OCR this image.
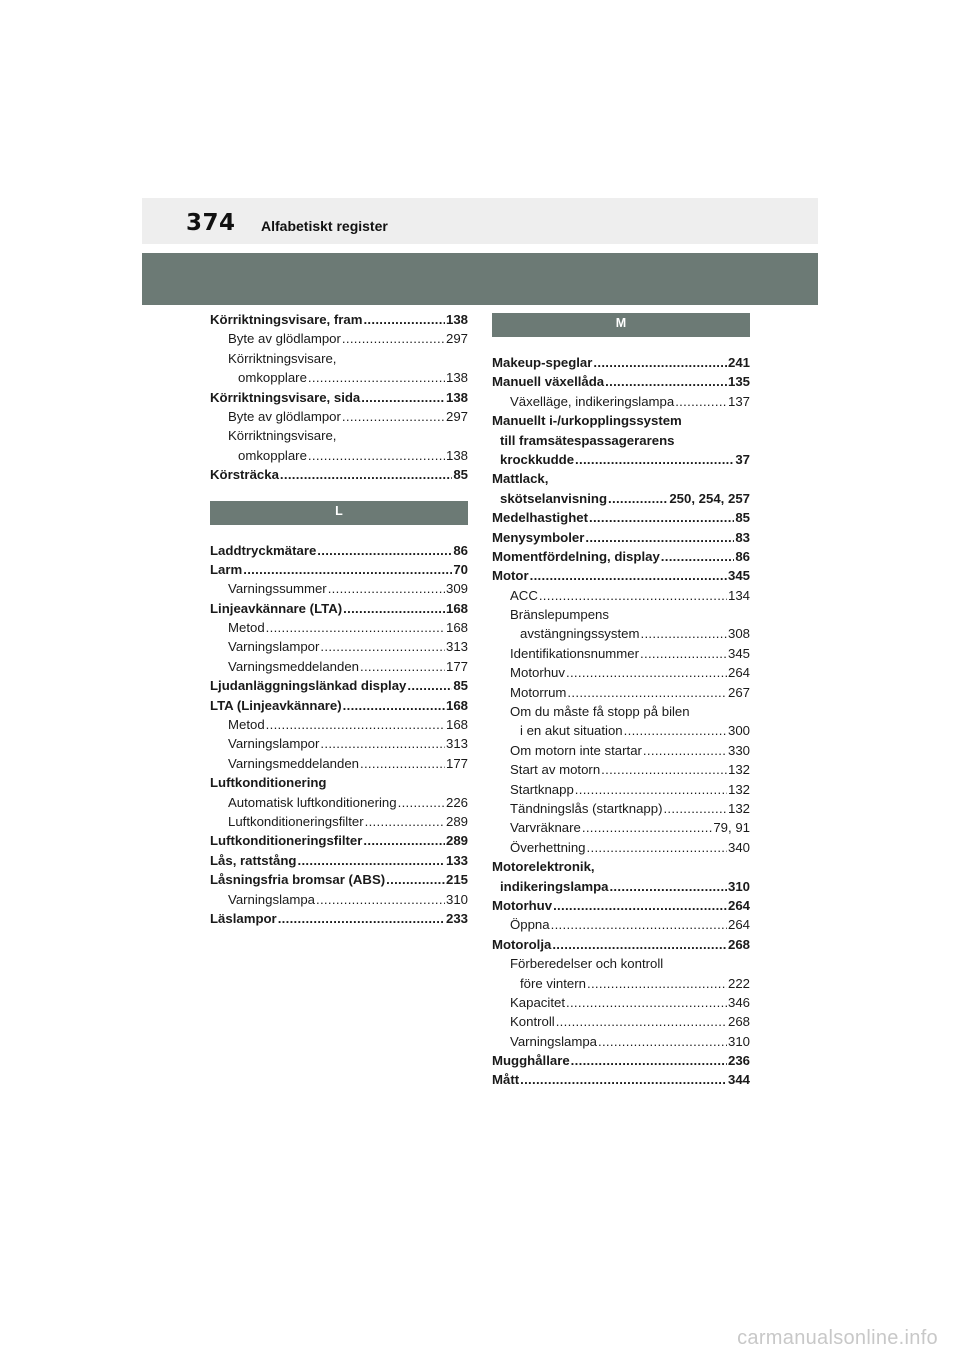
374 Alfabetiskt register
Körriktningsvisare, fram .....	138
Byte av glödlampor .....	297
Körriktningsvisare,
omkopplare .....	138
Körriktningsvisare, sida .....	138
Byte av glödlampor .....	297
Körriktningsvisare,
omkopplare .....	138
Körsträcka .....	85
L
Laddtryckmätare .....	86
Larm .....	70
Varningssummer .....	309
Linjeavkännare (LTA) .....	168
Metod .....	168
Varningslampor .....	313
Varningsmeddelanden .....	177
Ljudanläggningslänkad display .....	85
LTA (Linjeavkännare) .....	168
Metod .....	168
Varningslampor .....	313
Varningsmeddelanden .....	177
Luftkonditionering
Automatisk luftkonditionering .....	226
Luftkonditioneringsfilter .....	289
Luftkonditioneringsfilter .....	289
Lås, rattstång .....	133
Låsningsfria bromsar (ABS) .....	215
Varningslampa .....	310
Läslampor .....	233
M
Makeup-speglar .....	241
Manuell växellåda .....	135
Växelläge, indikeringslampa .....	137
Manuellt i-/urkopplingssystem
till framsätespassagerarens
krockkudde .....	37
Mattlack,
skötselanvisning .....	250, 254, 257
Medelhastighet .....	85
Menysymboler .....	83
Momentfördelning, display .....	86
Motor .....	345
ACC .....	134
Bränslepumpens
avstängningssystem .....	308
Identifikationsnummer .....	345
Motorhuv .....	264
Motorrum .....	267
Om du måste få stopp på bilen
i en akut situation .....	300
Om motorn inte startar .....	330
Start av motorn .....	132
Startknapp .....	132
Tändningslås (startknapp) .....	132
Varvräknare .....	79, 91
Överhettning .....	340
Motorelektronik,
indikeringslampa .....	310
Motorhuv .....	264
Öppna .....	264
Motorolja .....	268
Förberedelser och kontroll
före vintern .....	222
Kapacitet .....	346
Kontroll .....	268
Varningslampa .....	310
Mugghållare .....	236
Mått .....	344
carmanualsonline.info
